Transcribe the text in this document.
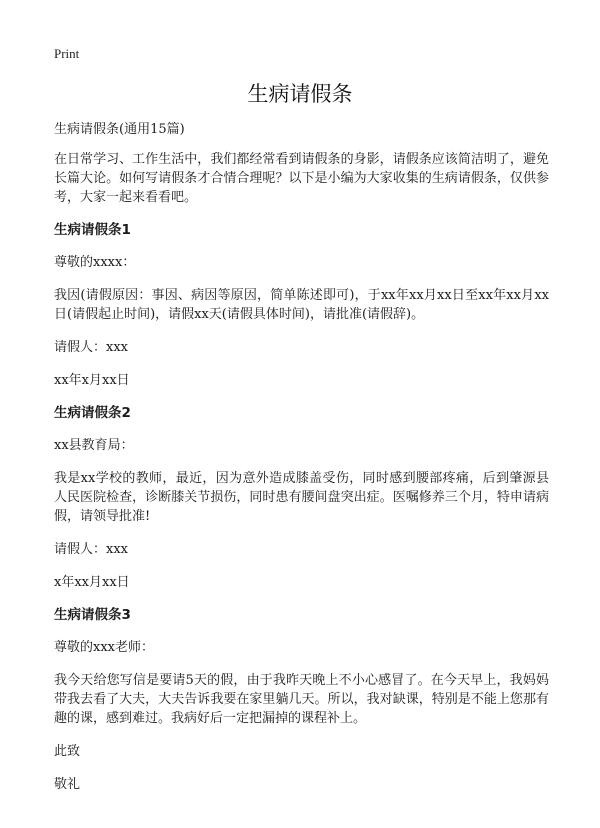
Print
生病请假条

生病请假条(通用15篇)

在日常学习、工作生活中，我们都经常看到请假条的身影，请假条应该简洁明了，避免长篇大论。如何写请假条才合情合理呢？以下是小编为大家收集的生病请假条，仅供参考，大家一起来看看吧。

生病请假条1

尊敬的xxxx：

我因(请假原因：事因、病因等原因，简单陈述即可)，于xx年xx月xx日至xx年xx月xx日(请假起止时间)，请假xx天(请假具体时间)，请批准(请假辞)。

请假人：xxx

xx年x月xx日

生病请假条2

xx县教育局：

我是xx学校的教师，最近，因为意外造成膝盖受伤，同时感到腰部疼痛，后到肇源县人民医院检查，诊断膝关节损伤，同时患有腰间盘突出症。医嘱修养三个月，特申请病假，请领导批准!

请假人：xxx

x年xx月xx日

生病请假条3

尊敬的xxx老师：

我今天给您写信是要请5天的假，由于我昨天晚上不小心感冒了。在今天早上，我妈妈带我去看了大夫，大夫告诉我要在家里躺几天。所以，我对缺课，特别是不能上您那有趣的课，感到难过。我病好后一定把漏掉的课程补上。

此致

敬礼
